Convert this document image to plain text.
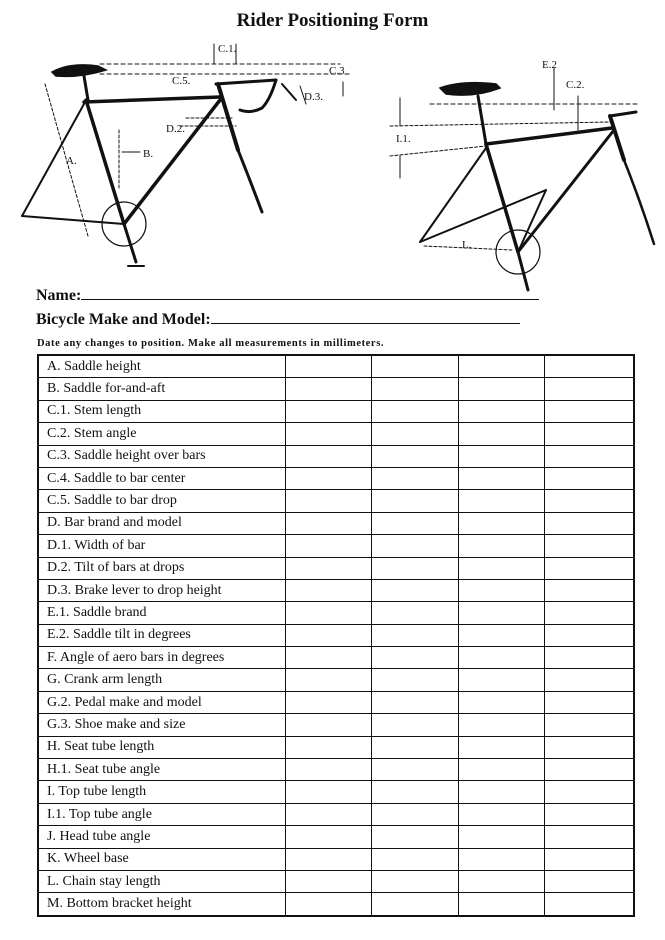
Rider Positioning Form
C.1.
C.5.
C.3
D.3.
D.2.
A.
B.
E.2
C.2.
I.1.
L.
Name:
Bicycle Make and Model:
Date any changes to position. Make all measurements in millimeters.
A. Saddle height				
B. Saddle for-and-aft				
C.1. Stem length				
C.2. Stem angle				
C.3. Saddle height over bars				
C.4. Saddle to bar center				
C.5. Saddle to bar drop				
D. Bar brand and model				
D.1. Width of bar				
D.2. Tilt of bars at drops				
D.3. Brake lever to drop height				
E.1. Saddle brand				
E.2. Saddle tilt in degrees				
F. Angle of aero bars in degrees				
G. Crank arm length				
G.2. Pedal make and model				
G.3. Shoe make and size				
H. Seat tube length				
H.1. Seat tube angle				
I. Top tube length				
I.1. Top tube angle				
J. Head tube angle				
K. Wheel base				
L. Chain stay length				
M. Bottom bracket height				
